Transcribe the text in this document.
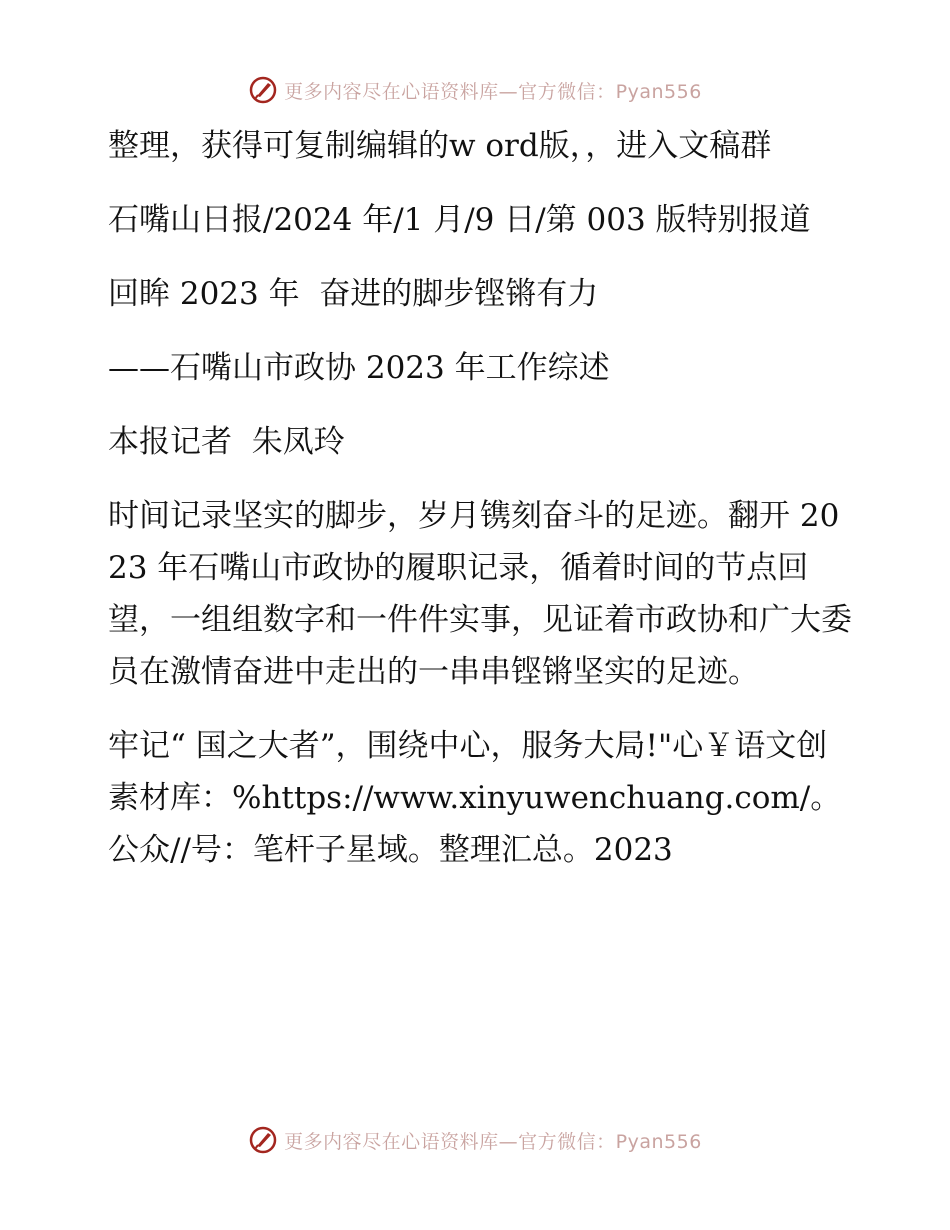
更多内容尽在心语资料库—官方微信：Pyan556

整理，获得可复制编辑的w ord版，，进入文稿群

石嘴山日报/2024 年/1 月/9 日/第 003 版特别报道

回眸 2023 年  奋进的脚步铿锵有力

——石嘴山市政协 2023 年工作综述

本报记者  朱凤玲

时间记录坚实的脚步，岁月镌刻奋斗的足迹。翻开 2023 年石嘴山市政协的履职记录，循着时间的节点回望，一组组数字和一件件实事，见证着市政协和广大委员在激情奋进中走出的一串串铿锵坚实的足迹。

牢记“ 国之大者”，围绕中心，服务大局!"心￥语文创素材库：%https://www.xinyuwenchuang.com/。公众//号：笔杆子星域。整理汇总。2023

更多内容尽在心语资料库—官方微信：Pyan556
